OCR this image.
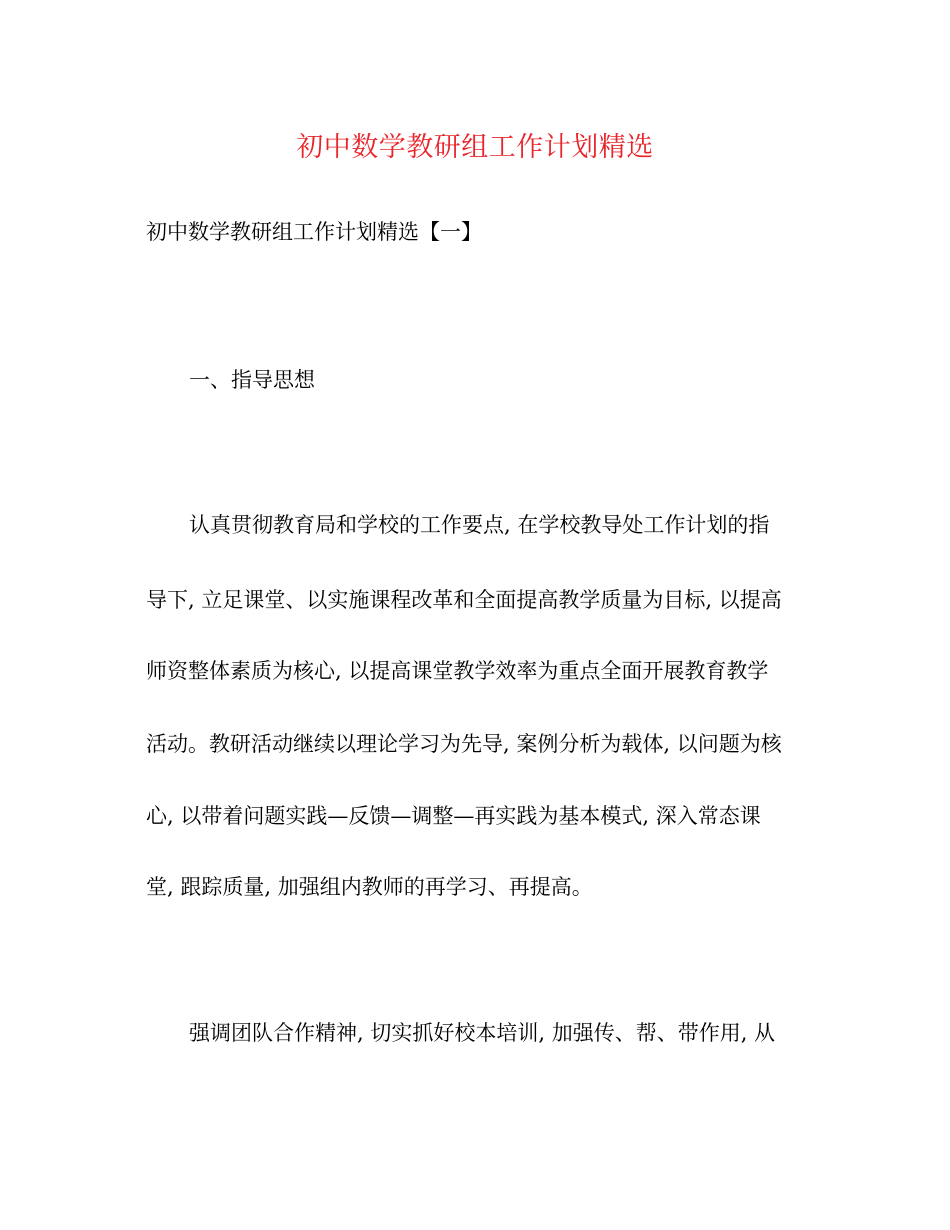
初中数学教研组工作计划精选
初中数学教研组工作计划精选【一】
一、指导思想
认真贯彻教育局和学校的工作要点, 在学校教导处工作计划的指
导下, 立足课堂、以实施课程改革和全面提高教学质量为目标, 以提高
师资整体素质为核心, 以提高课堂教学效率为重点全面开展教育教学
活动。教研活动继续以理论学习为先导, 案例分析为载体, 以问题为核
心, 以带着问题实践—反馈—调整—再实践为基本模式, 深入常态课
堂, 跟踪质量, 加强组内教师的再学习、再提高。
强调团队合作精神, 切实抓好校本培训, 加强传、帮、带作用, 从
